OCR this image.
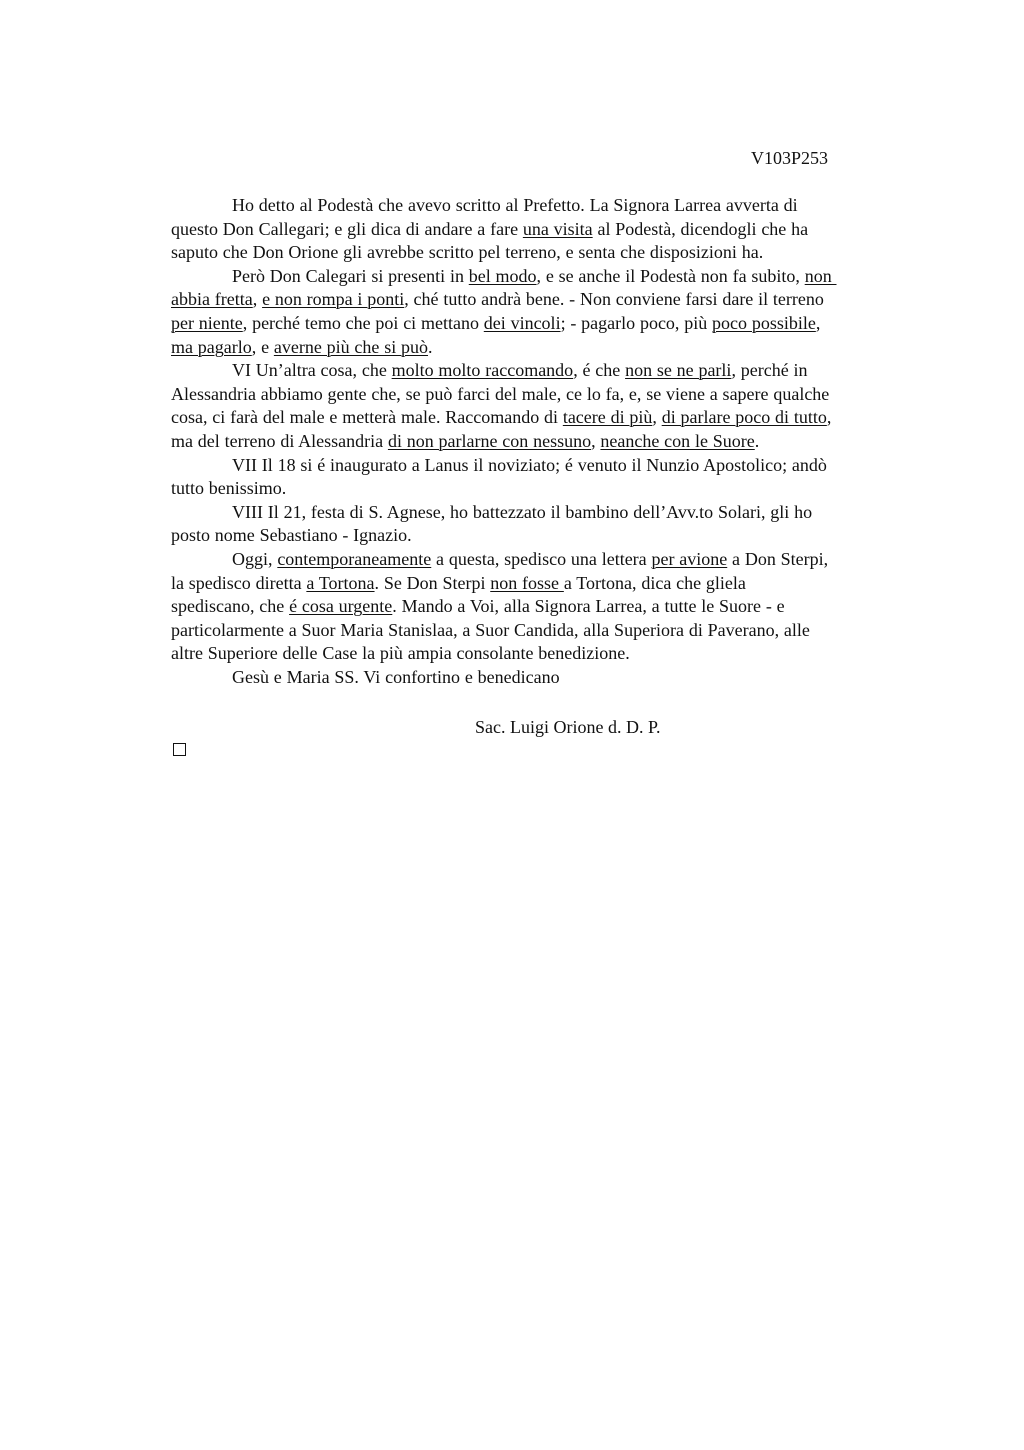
V103P253
Ho detto al Podestà che avevo scritto al Prefetto. La Signora Larrea avverta di
questo Don Callegari; e gli dica di andare a fare una visita al Podestà, dicendogli che ha
saputo che Don Orione gli avrebbe scritto pel terreno, e senta che disposizioni ha.
Però Don Calegari si presenti in bel modo, e se anche il Podestà non fa subito, non
abbia fretta, e non rompa i ponti, ché tutto andrà bene. - Non conviene farsi dare il terreno
per niente, perché temo che poi ci mettano dei vincoli; - pagarlo poco, più poco possibile,
ma pagarlo, e averne più che si può.
VI Un’altra cosa, che molto molto raccomando, é che non se ne parli, perché in
Alessandria abbiamo gente che, se può farci del male, ce lo fa, e, se viene a sapere qualche
cosa, ci farà del male e metterà male. Raccomando di tacere di più, di parlare poco di tutto,
ma del terreno di Alessandria di non parlarne con nessuno, neanche con le Suore.
VII Il 18 si é inaugurato a Lanus il noviziato; é venuto il Nunzio Apostolico; andò
tutto benissimo.
VIII Il 21, festa di S. Agnese, ho battezzato il bambino dell’Avv.to Solari, gli ho
posto nome Sebastiano - Ignazio.
Oggi, contemporaneamente a questa, spedisco una lettera per avione a Don Sterpi,
la spedisco diretta a Tortona. Se Don Sterpi non fosse a Tortona, dica che gliela
spediscano, che é cosa urgente. Mando a Voi, alla Signora Larrea, a tutte le Suore - e
particolarmente a Suor Maria Stanislaa, a Suor Candida, alla Superiora di Paverano, alle
altre Superiore delle Case la più ampia consolante benedizione.
Gesù e Maria SS. Vi confortino e benedicano
Sac. Luigi Orione d. D. P.
